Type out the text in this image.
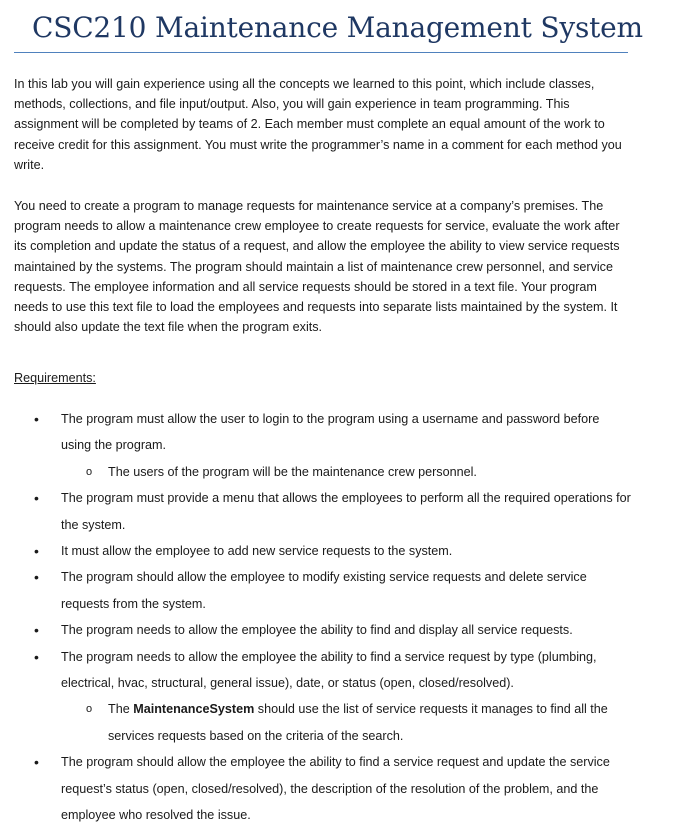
CSC210 Maintenance Management System

In this lab you will gain experience using all the concepts we learned to this point, which include classes, methods, collections, and file input/output. Also, you will gain experience in team programming. This assignment will be completed by teams of 2. Each member must complete an equal amount of the work to receive credit for this assignment. You must write the programmer’s name in a comment for each method you write.

You need to create a program to manage requests for maintenance service at a company’s premises. The program needs to allow a maintenance crew employee to create requests for service, evaluate the work after its completion and update the status of a request, and allow the employee the ability to view service requests maintained by the systems. The program should maintain a list of maintenance crew personnel, and service requests. The employee information and all service requests should be stored in a text file. Your program needs to use this text file to load the employees and requests into separate lists maintained by the system. It should also update the text file when the program exits.

Requirements:

•	The program must allow the user to login to the program using a username and password before using the program.
o The users of the program will be the maintenance crew personnel.
•	The program must provide a menu that allows the employees to perform all the required operations for the system.
•	It must allow the employee to add new service requests to the system.
•	The program should allow the employee to modify existing service requests and delete service requests from the system.
•	The program needs to allow the employee the ability to find and display all service requests.
•	The program needs to allow the employee the ability to find a service request by type (plumbing, electrical, hvac, structural, general issue), date, or status (open, closed/resolved).
o The MaintenanceSystem should use the list of service requests it manages to find all the services requests based on the criteria of the search.
•	The program should allow the employee the ability to find a service request and update the service request’s status (open, closed/resolved), the description of the resolution of the problem, and the employee who resolved the issue.
